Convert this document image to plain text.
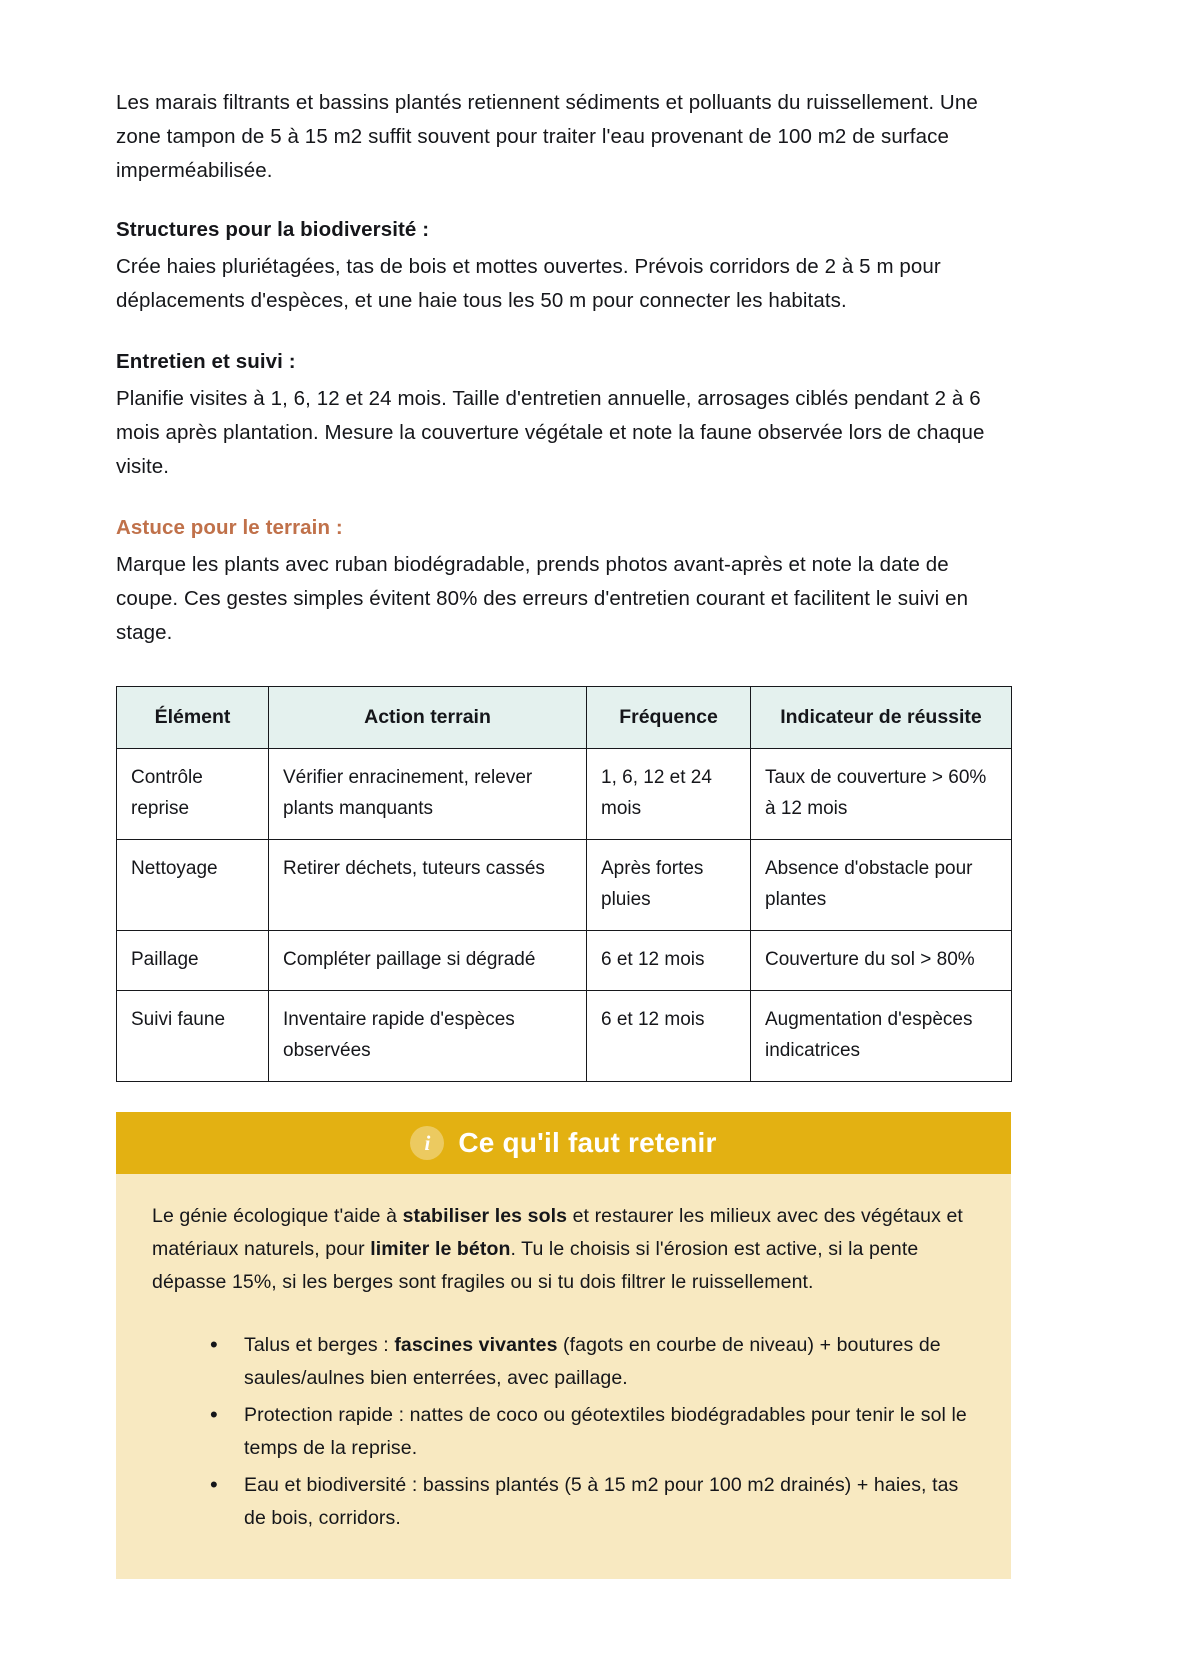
Les marais filtrants et bassins plantés retiennent sédiments et polluants du ruissellement. Une zone tampon de 5 à 15 m2 suffit souvent pour traiter l'eau provenant de 100 m2 de surface imperméabilisée.

Structures pour la biodiversité :

Crée haies pluriétagées, tas de bois et mottes ouvertes. Prévois corridors de 2 à 5 m pour déplacements d'espèces, et une haie tous les 50 m pour connecter les habitats.

Entretien et suivi :

Planifie visites à 1, 6, 12 et 24 mois. Taille d'entretien annuelle, arrosages ciblés pendant 2 à 6 mois après plantation. Mesure la couverture végétale et note la faune observée lors de chaque visite.

Astuce pour le terrain :

Marque les plants avec ruban biodégradable, prends photos avant-après et note la date de coupe. Ces gestes simples évitent 80% des erreurs d'entretien courant et facilitent le suivi en stage.

Élément	Action terrain	Fréquence	Indicateur de réussite
Contrôle reprise	Vérifier enracinement, relever plants manquants	1, 6, 12 et 24 mois	Taux de couverture > 60% à 12 mois
Nettoyage	Retirer déchets, tuteurs cassés	Après fortes pluies	Absence d'obstacle pour plantes
Paillage	Compléter paillage si dégradé	6 et 12 mois	Couverture du sol > 80%
Suivi faune	Inventaire rapide d'espèces observées	6 et 12 mois	Augmentation d'espèces indicatrices
i Ce qu'il faut retenir

Le génie écologique t'aide à stabiliser les sols et restaurer les milieux avec des végétaux et matériaux naturels, pour limiter le béton. Tu le choisis si l'érosion est active, si la pente dépasse 15%, si les berges sont fragiles ou si tu dois filtrer le ruissellement.

• Talus et berges : fascines vivantes (fagots en courbe de niveau) + boutures de saules/aulnes bien enterrées, avec paillage.
• Protection rapide : nattes de coco ou géotextiles biodégradables pour tenir le sol le temps de la reprise.
• Eau et biodiversité : bassins plantés (5 à 15 m2 pour 100 m2 drainés) + haies, tas de bois, corridors.
